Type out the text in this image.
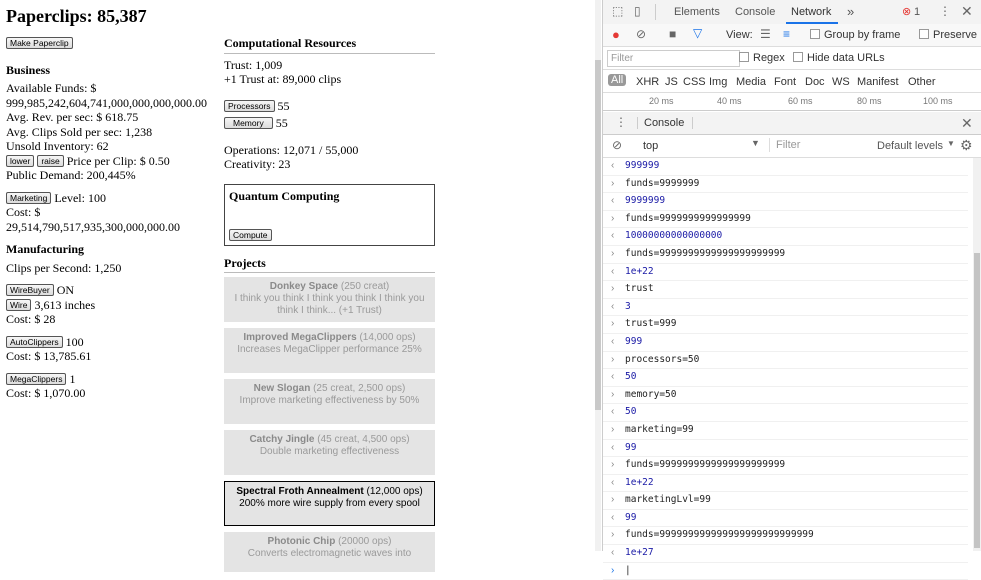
Paperclips: 85,387
Make Paperclip
Business
Available Funds: $
999,985,242,604,741,000,000,000,000.00
Avg. Rev. per sec: $ 618.75
Avg. Clips Sold per sec: 1,238
Unsold Inventory: 62
lower raise Price per Clip: $ 0.50
Public Demand: 200,445%
Marketing Level: 100
Cost: $
29,514,790,517,935,300,000,000.00
Manufacturing
Clips per Second: 1,250
WireBuyer ON
Wire 3,613 inches
Cost: $ 28
AutoClippers 100
Cost: $ 13,785.61
MegaClippers 1
Cost: $ 1,070.00
Computational Resources
Trust: 1,009
+1 Trust at: 89,000 clips
Processors 55
Memory 55
Operations: 12,071 / 55,000
Creativity: 23
Quantum Computing
Compute
Projects
Donkey Space (250 creat)
I think you think I think you think I think you think I think... (+1 Trust)
Improved MegaClippers (14,000 ops)
Increases MegaClipper performance 25%
New Slogan (25 creat, 2,500 ops)
Improve marketing effectiveness by 50%
Catchy Jingle (45 creat, 4,500 ops)
Double marketing effectiveness
Spectral Froth Annealment (12,000 ops)
200% more wire supply from every spool
Photonic Chip (20000 ops)
Converts electromagnetic waves into
⬚ ▯	Elements Console Network »	⊗ 1 ⋮ ✕
● ⊘ ■ ▽ View: ☰ ≡	Group by frame	Preserve
Filter	Regex	Hide data URLs
All XHR JS CSS Img Media Font Doc WS Manifest Other
20 ms	40 ms	60 ms	80 ms	100 ms
⋮	Console	✕
⊘ top	▼	Filter	Default levels ▼ ⚙
‹ 999999
› funds=9999999
‹ 9999999
› funds=9999999999999999
‹ 10000000000000000
› funds=9999999999999999999999
‹ 1e+22
› trust
‹ 3
› trust=999
‹ 999
› processors=50
‹ 50
› memory=50
‹ 50
› marketing=99
‹ 99
› funds=9999999999999999999999
‹ 1e+22
› marketingLvl=99
‹ 99
› funds=999999999999999999999999999
‹ 1e+27
› |
